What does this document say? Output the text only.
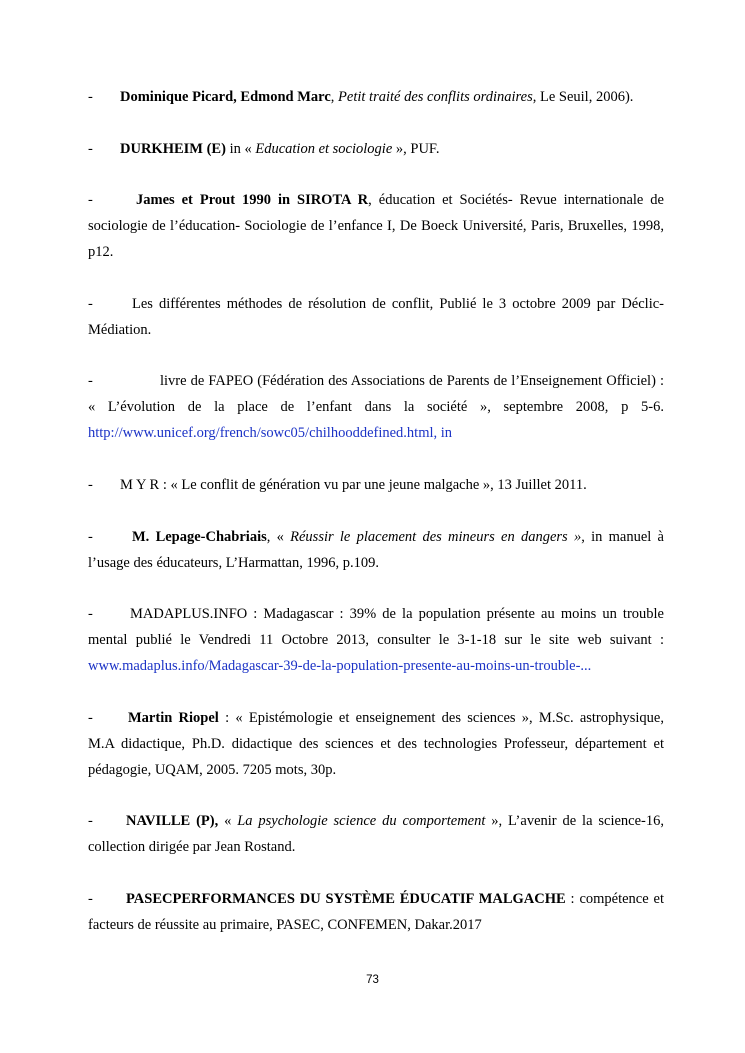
- Dominique Picard, Edmond Marc, Petit traité des conflits ordinaires, Le Seuil, 2006).

- DURKHEIM (E) in « Education et sociologie », PUF.

-	James et Prout 1990 in SIROTA R, éducation et Sociétés- Revue internationale de sociologie de l’éducation- Sociologie de l’enfance I, De Boeck Université, Paris, Bruxelles, 1998, p12.

-	Les différentes méthodes de résolution de conflit, Publié le 3 octobre 2009 par Déclic-Médiation.

-	livre de FAPEO (Fédération des Associations de Parents de l’Enseignement Officiel) : « L’évolution de la place de l’enfant dans la société », septembre 2008, p 5-6. http://www.unicef.org/french/sowc05/chilhooddefined.html, in

- M Y R : « Le conflit de génération vu par une jeune malgache », 13 Juillet 2011.

-	M. Lepage-Chabriais, « Réussir le placement des mineurs en dangers », in manuel à l’usage des éducateurs, L’Harmattan, 1996, p.109.

-	MADAPLUS.INFO : Madagascar : 39% de la population présente au moins un trouble mental publié le Vendredi 11 Octobre 2013, consulter le 3-1-18 sur le site web suivant : www.madaplus.info/Madagascar-39-de-la-population-presente-au-moins-un-trouble-...

- Martin Riopel : « Epistémologie et enseignement des sciences », M.Sc. astrophysique, M.A didactique, Ph.D. didactique des sciences et des technologies Professeur, département et pédagogie, UQAM, 2005. 7205 mots, 30p.

- NAVILLE (P), « La psychologie science du comportement », L’avenir de la science-16, collection dirigée par Jean Rostand.

- PASECPERFORMANCES DU SYSTÈME ÉDUCATIF MALGACHE : compétence et facteurs de réussite au primaire, PASEC, CONFEMEN, Dakar.2017

73
